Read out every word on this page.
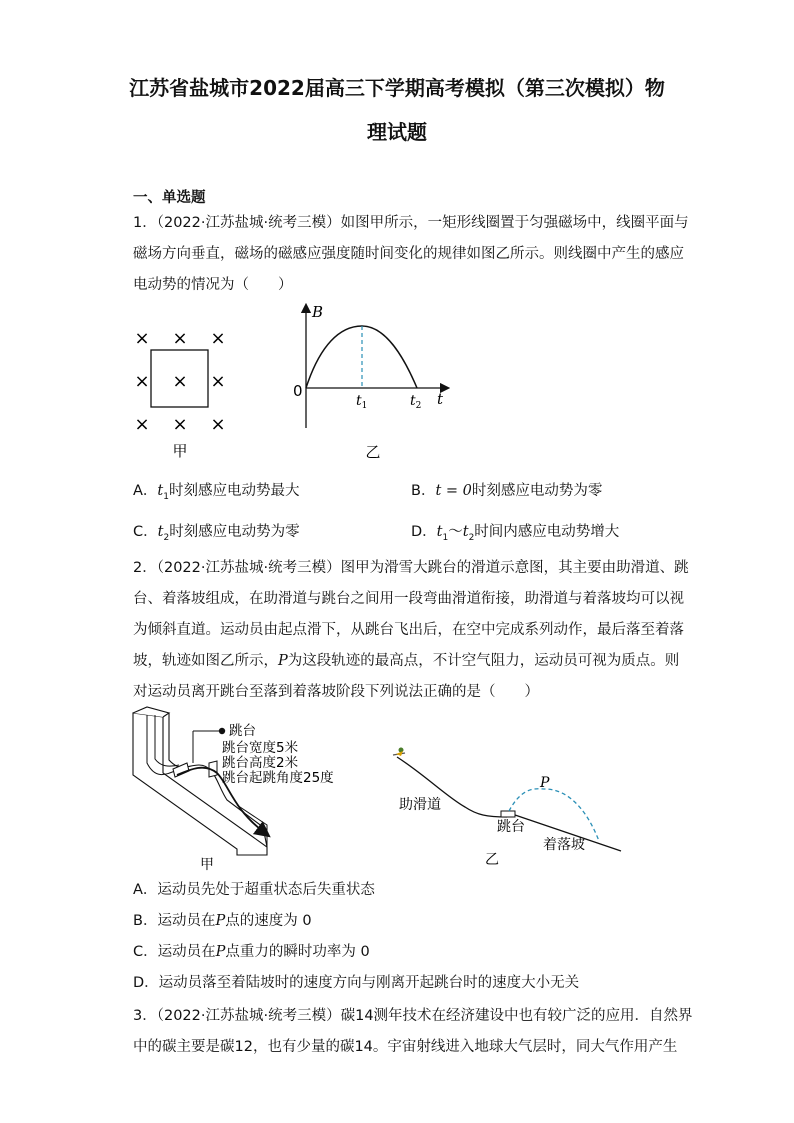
江苏省盐城市2022届高三下学期高考模拟（第三次模拟）物
理试题
一、单选题
1．（2022·江苏盐城·统考三模）如图甲所示，一矩形线圈置于匀强磁场中，线圈平面与
磁场方向垂直，磁场的磁感应强度随时间变化的规律如图乙所示。则线圈中产生的感应
电动势的情况为（　　）
× × ×
× × ×
× × ×
甲
B
t
0
$t_1$	$t_2$
乙
A．$t_1$时刻感应电动势最大	B．t = 0时刻感应电动势为零
C．$t_2$时刻感应电动势为零	D．$t_1\sim t_2$时间内感应电动势增大
2．（2022·江苏盐城·统考三模）图甲为滑雪大跳台的滑道示意图，其主要由助滑道、跳
台、着落坡组成，在助滑道与跳台之间用一段弯曲滑道衔接，助滑道与着落坡均可以视
为倾斜直道。运动员由起点滑下，从跳台飞出后，在空中完成系列动作，最后落至着落
坡，轨迹如图乙所示，P为这段轨迹的最高点，不计空气阻力，运动员可视为质点。则
对运动员离开跳台至落到着落坡阶段下列说法正确的是（　　）
跳台
跳台宽度5米
跳台高度2米
跳台起跳角度25度
甲
P
助滑道
跳台
着落坡
乙
A．运动员先处于超重状态后失重状态
B．运动员在P点的速度为 0
C．运动员在P点重力的瞬时功率为 0
D．运动员落至着陆坡时的速度方向与刚离开起跳台时的速度大小无关
3．（2022·江苏盐城·统考三模）碳14测年技术在经济建设中也有较广泛的应用．自然界
中的碳主要是碳12，也有少量的碳14。宇宙射线进入地球大气层时，同大气作用产生
